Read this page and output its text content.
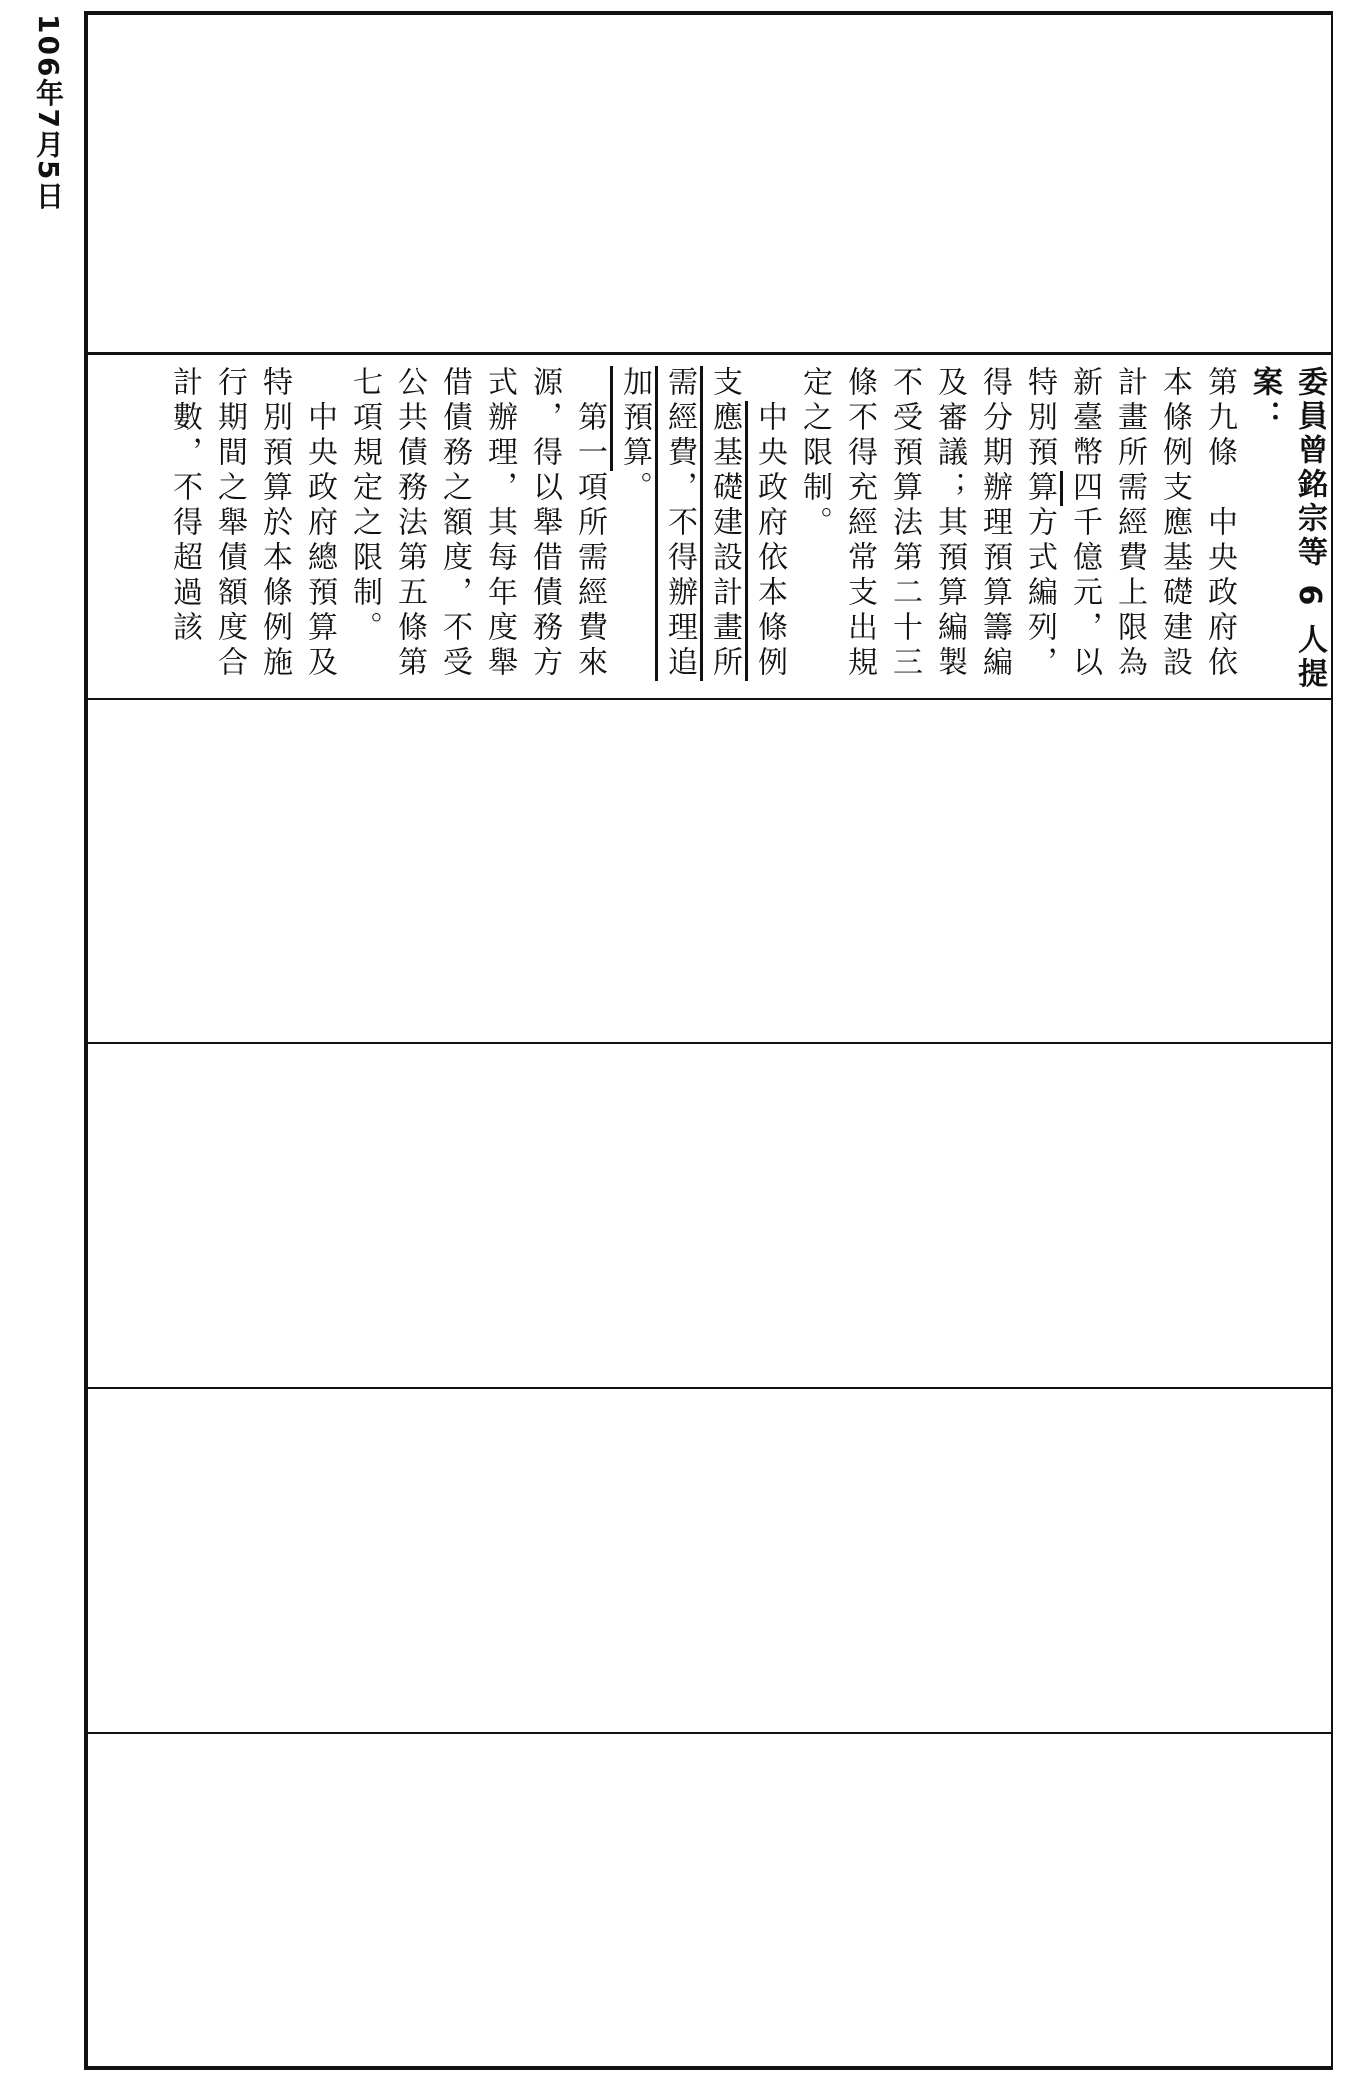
106年7月5日

委員曾銘宗等 6 人提案：

第九條　中央政府依本條例支應基礎建設計畫所需經費上限為新臺幣四千億元，以特別預算方式編列，得分期辦理預算籌編及審議；其預算編製不受預算法第二十三條不得充經常支出規定之限制。

　中央政府依本條例支應基礎建設計畫所需經費，不得辦理追加預算。

　第一項所需經費來源，得以舉借債務方式辦理，其每年度舉借債務之額度，不受公共債務法第五條第七項規定之限制。

　中央政府總預算及特別預算於本條例施行期間之舉債額度合計數，不得超過該
